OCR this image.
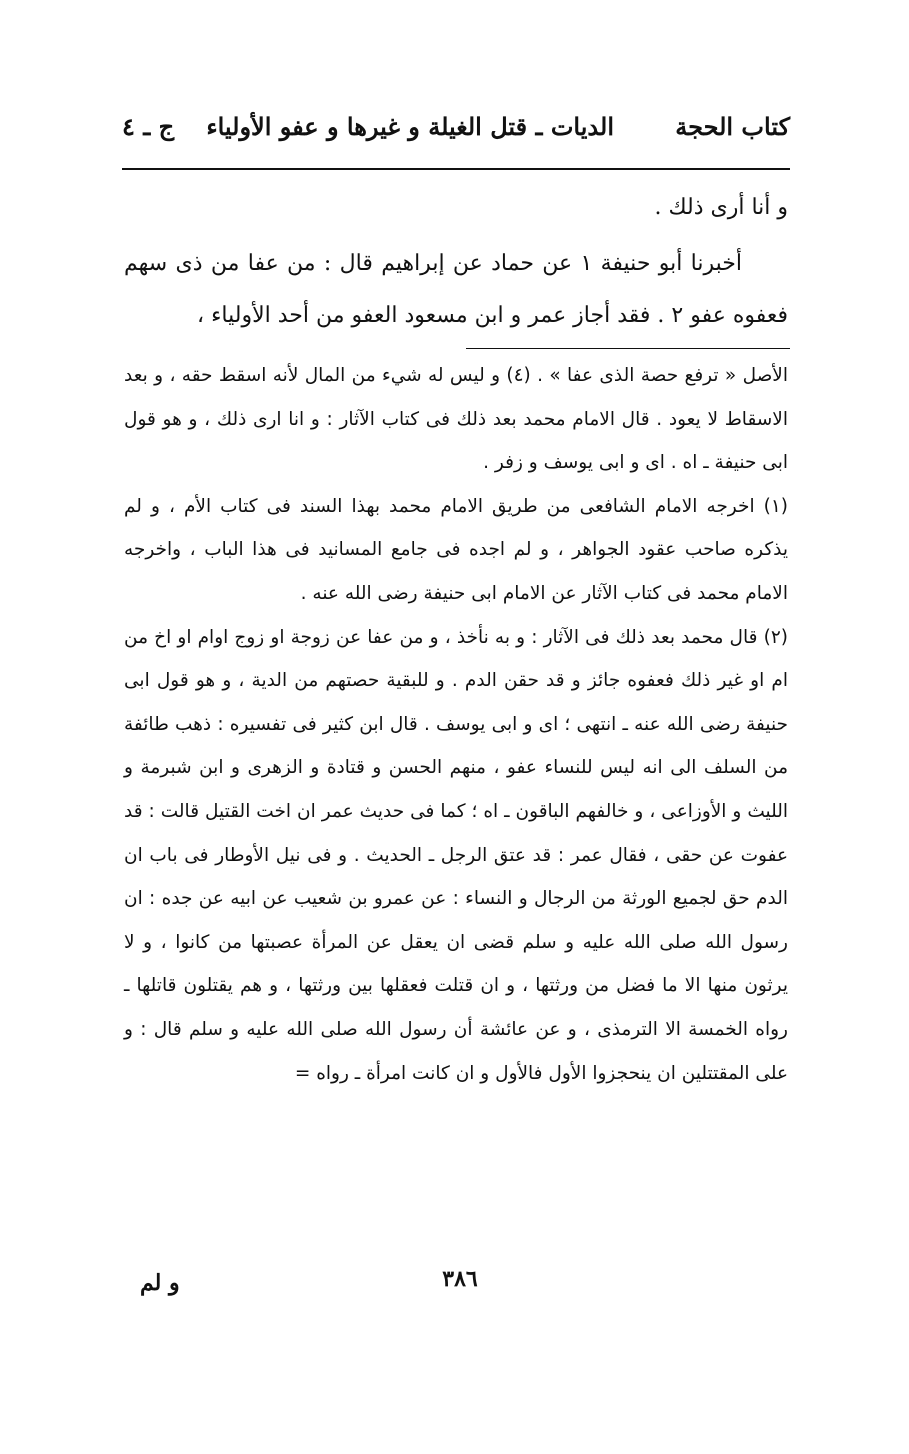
كتاب الحجة
الديات ـ قتل الغيلة و غيرها و عفو الأولياء
ج ـ ٤

و أنا أرى ذلك .

أخبرنا أبو حنيفة ١ عن حماد عن إبراهيم قال : من عفا من ذى سهم فعفوه عفو ٢ . فقد أجاز عمر و ابن مسعود العفو من أحد الأولياء ،

الأصل « ترفع حصة الذى عفا » . (٤) و ليس له شيء من المال لأنه اسقط حقه ، و بعد الاسقاط لا يعود . قال الامام محمد بعد ذلك فى كتاب الآثار : و انا ارى ذلك ، و هو قول ابى حنيفة ـ اه . اى و ابى يوسف و زفر .

(١) اخرجه الامام الشافعى من طريق الامام محمد بهذا السند فى كتاب الأم ، و لم يذكره صاحب عقود الجواهر ، و لم اجده فى جامع المسانيد فى هذا الباب ، واخرجه الامام محمد فى كتاب الآثار عن الامام ابى حنيفة رضى الله عنه .

(٢) قال محمد بعد ذلك فى الآثار : و به نأخذ ، و من عفا عن زوجة او زوج اوام او اخ من ام او غير ذلك فعفوه جائز و قد حقن الدم . و للبقية حصتهم من الدية ، و هو قول ابى حنيفة رضى الله عنه ـ انتهى ؛ اى و ابى يوسف . قال ابن كثير فى تفسيره : ذهب طائفة من السلف الى انه ليس للنساء عفو ، منهم الحسن و قتادة و الزهرى و ابن شبرمة و الليث و الأوزاعى ، و خالفهم الباقون ـ اه ؛ كما فى حديث عمر ان اخت القتيل قالت : قد عفوت عن حقى ، فقال عمر : قد عتق الرجل ـ الحديث . و فى نيل الأوطار فى باب ان الدم حق لجميع الورثة من الرجال و النساء : عن عمرو بن شعيب عن ابيه عن جده : ان رسول الله صلى الله عليه و سلم قضى ان يعقل عن المرأة عصبتها من كانوا ، و لا يرثون منها الا ما فضل من ورثتها ، و ان قتلت فعقلها بين ورثتها ، و هم يقتلون قاتلها ـ رواه الخمسة الا الترمذى ، و عن عائشة أن رسول الله صلى الله عليه و سلم قال : و على المقتتلين ان ينحجزوا الأول فالأول و ان كانت امرأة ـ رواه =

٣٨٦
و لم
